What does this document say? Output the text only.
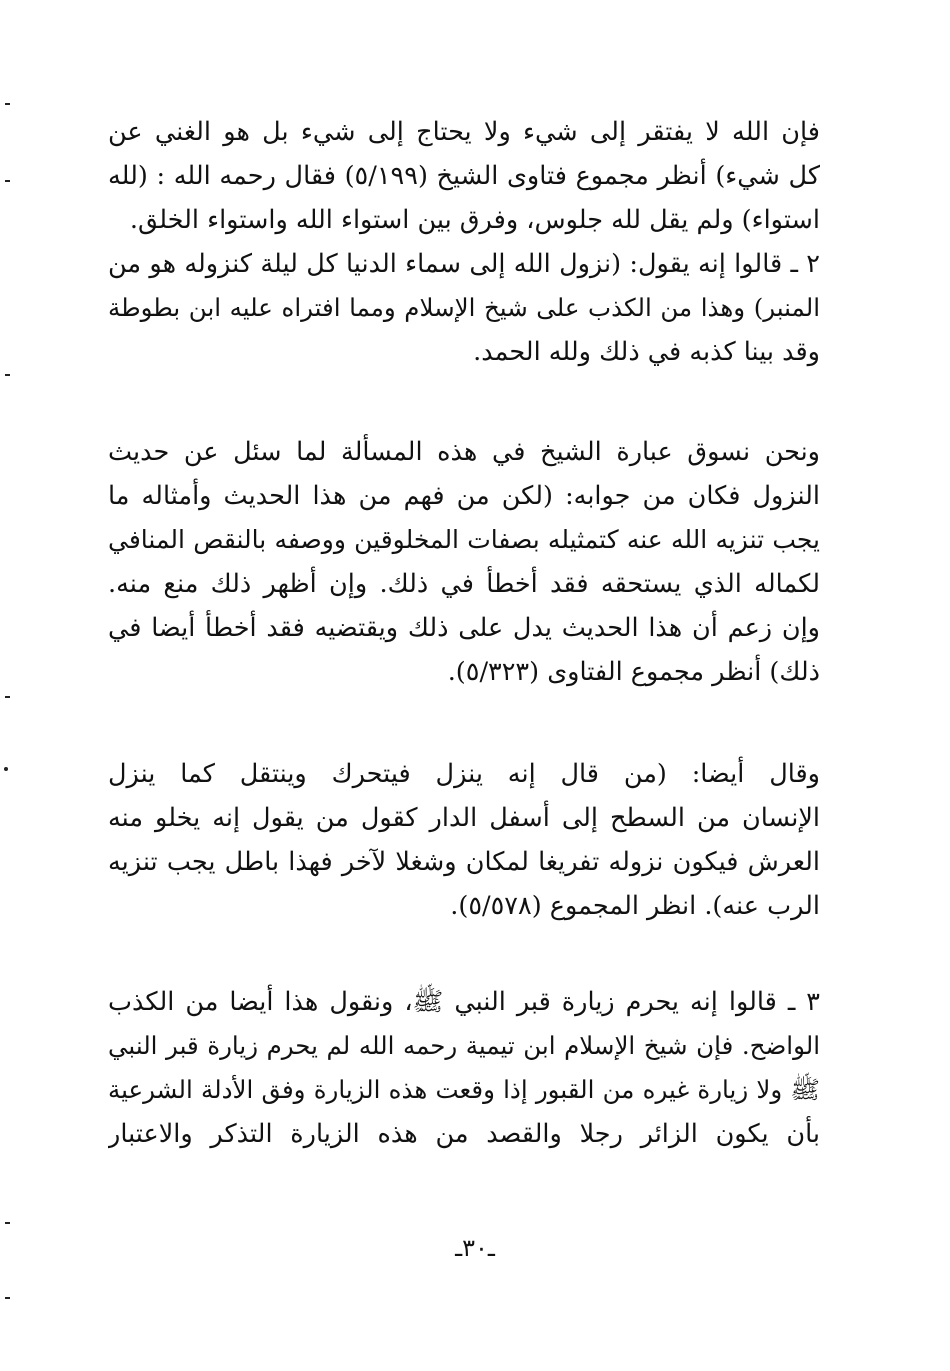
فإن الله لا يفتقر إلى شيء ولا يحتاج إلى شيء بل هو الغني عن
كل شيء) أنظر مجموع فتاوى الشيخ (٥/١٩٩) فقال رحمه الله : (لله
استواء) ولم يقل لله جلوس، وفرق بين استواء الله واستواء الخلق.
٢ ـ قالوا إنه يقول: (نزول الله إلى سماء الدنيا كل ليلة كنزوله هو من
المنبر) وهذا من الكذب على شيخ الإسلام ومما افتراه عليه ابن بطوطة
وقد بينا كذبه في ذلك ولله الحمد.
ونحن نسوق عبارة الشيخ في هذه المسألة لما سئل عن حديث
النزول فكان من جوابه: (لكن من فهم من هذا الحديث وأمثاله ما
يجب تنزيه الله عنه كتمثيله بصفات المخلوقين ووصفه بالنقص المنافي
لكماله الذي يستحقه فقد أخطأ في ذلك. وإن أظهر ذلك منع منه.
وإن زعم أن هذا الحديث يدل على ذلك ويقتضيه فقد أخطأ أيضا في
ذلك) أنظر مجموع الفتاوى (٥/٣٢٣).
وقال أيضا: (من قال إنه ينزل فيتحرك وينتقل كما ينزل
الإنسان من السطح إلى أسفل الدار كقول من يقول إنه يخلو منه
العرش فيكون نزوله تفريغا لمكان وشغلا لآخر فهذا باطل يجب تنزيه
الرب عنه). انظر المجموع (٥/٥٧٨).
٣ ـ قالوا إنه يحرم زيارة قبر النبي ﷺ، ونقول هذا أيضا من الكذب
الواضح. فإن شيخ الإسلام ابن تيمية رحمه الله لم يحرم زيارة قبر النبي
ﷺ ولا زيارة غيره من القبور إذا وقعت هذه الزيارة وفق الأدلة الشرعية
بأن يكون الزائر رجلا والقصد من هذه الزيارة التذكر والاعتبار
ـ٣٠ـ
